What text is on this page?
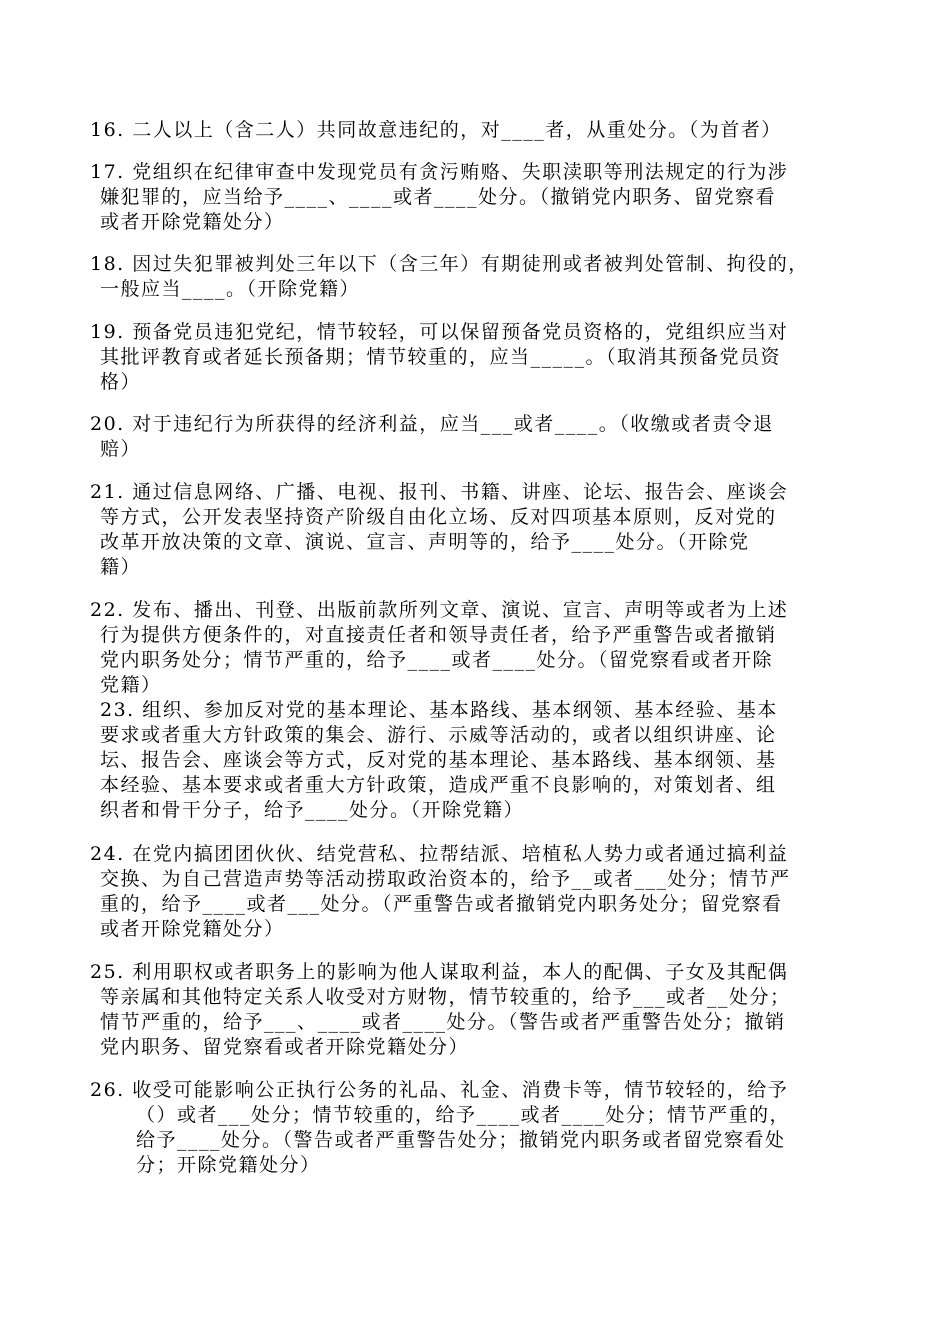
16. 二人以上（含二人）共同故意违纪的，对____者，从重处分。（为首者）

17. 党组织在纪律审查中发现党员有贪污贿赂、失职渎职等刑法规定的行为涉

嫌犯罪的，应当给予____、____或者____处分。（撤销党内职务、留党察看

或者开除党籍处分）

18. 因过失犯罪被判处三年以下（含三年）有期徒刑或者被判处管制、拘役的，

一般应当____。（开除党籍）

19. 预备党员违犯党纪，情节较轻，可以保留预备党员资格的，党组织应当对

其批评教育或者延长预备期；情节较重的，应当_____。（取消其预备党员资

格）

20. 对于违纪行为所获得的经济利益，应当___或者____。（收缴或者责令退

赔）

21. 通过信息网络、广播、电视、报刊、书籍、讲座、论坛、报告会、座谈会

等方式，公开发表坚持资产阶级自由化立场、反对四项基本原则，反对党的

改革开放决策的文章、演说、宣言、声明等的，给予____处分。（开除党

籍）

22. 发布、播出、刊登、出版前款所列文章、演说、宣言、声明等或者为上述

行为提供方便条件的，对直接责任者和领导责任者，给予严重警告或者撤销

党内职务处分；情节严重的，给予____或者____处分。（留党察看或者开除

党籍）

23. 组织、参加反对党的基本理论、基本路线、基本纲领、基本经验、基本

要求或者重大方针政策的集会、游行、示威等活动的，或者以组织讲座、论

坛、报告会、座谈会等方式，反对党的基本理论、基本路线、基本纲领、基

本经验、基本要求或者重大方针政策，造成严重不良影响的，对策划者、组

织者和骨干分子，给予____处分。（开除党籍）

24. 在党内搞团团伙伙、结党营私、拉帮结派、培植私人势力或者通过搞利益

交换、为自己营造声势等活动捞取政治资本的，给予__或者___处分；情节严

重的，给予____或者___处分。（严重警告或者撤销党内职务处分；留党察看

或者开除党籍处分）

25. 利用职权或者职务上的影响为他人谋取利益，本人的配偶、子女及其配偶

等亲属和其他特定关系人收受对方财物，情节较重的，给予___或者__处分；

情节严重的，给予___、____或者____处分。（警告或者严重警告处分；撤销

党内职务、留党察看或者开除党籍处分）

26. 收受可能影响公正执行公务的礼品、礼金、消费卡等，情节较轻的，给予

（）或者___处分；情节较重的，给予____或者____处分；情节严重的，

给予____处分。（警告或者严重警告处分；撤销党内职务或者留党察看处

分；开除党籍处分）
